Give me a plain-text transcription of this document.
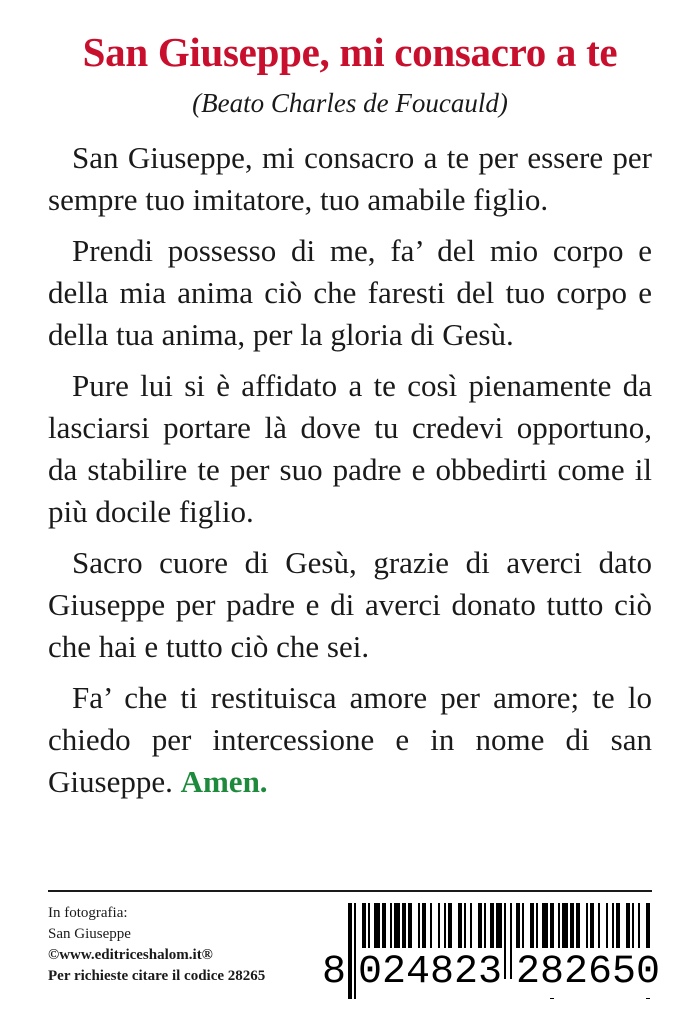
San Giuseppe, mi consacro a te
(Beato Charles de Foucauld)

San Giuseppe, mi consacro a te per essere per sempre tuo imitatore, tuo amabile figlio.

Prendi possesso di me, fa’ del mio corpo e della mia anima ciò che faresti del tuo corpo e della tua anima, per la gloria di Gesù.

Pure lui si è affidato a te così pienamente da lasciarsi portare là dove tu credevi opportuno, da stabilire te per suo padre e obbedirti come il più docile figlio.

Sacro cuore di Gesù, grazie di averci dato Giuseppe per padre e di averci donato tutto ciò che hai e tutto ciò che sei.

Fa’ che ti restituisca amore per amore; te lo chiedo per intercessione e in nome di san Giuseppe. Amen.

In fotografia:
San Giuseppe
©www.editriceshalom.it®
Per richieste citare il codice 28265	8 024823 282650
